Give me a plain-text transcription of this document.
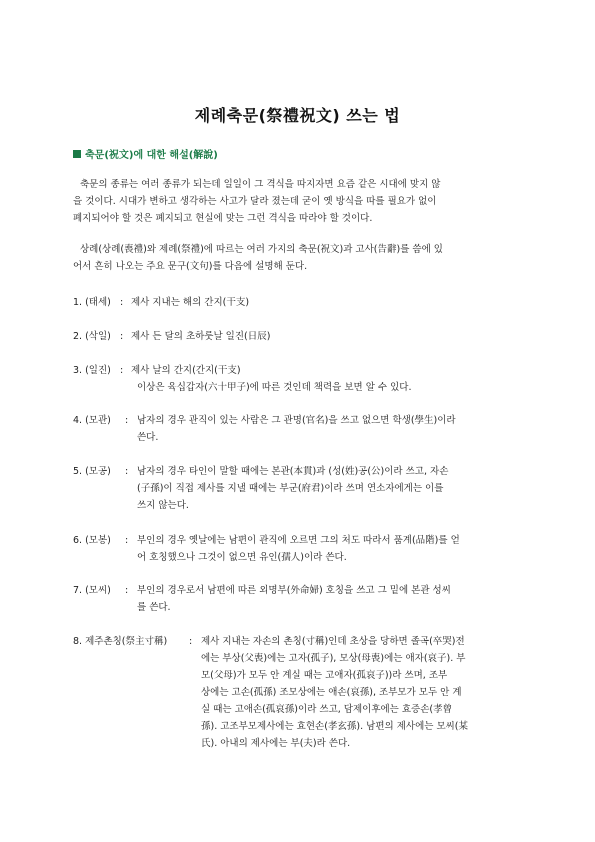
제례축문(祭禮祝文) 쓰는 법
축문(祝文)에 대한 해설(解說)
축문의 종류는 여러 종류가 되는데 일일이 그 격식을 따지자면 요즘 같은 시대에 맞지 않
을 것이다. 시대가 변하고 생각하는 사고가 달라 졌는데 굳이 옛 방식을 따를 필요가 없이
폐지되어야 할 것은 폐지되고 현실에 맞는 그런 격식을 따라야 할 것이다.
상례(상례(喪禮)와 제례(祭禮)에 따르는 여러 가지의 축문(祝文)과 고사(告辭)를 씀에 있
어서 흔히 나오는 주요 문구(文句)를 다음에 설명해 둔다.
1. (태세) : 제사 지내는 해의 간지(干支)
2. (삭일) : 제사 든 달의 초하룻날 일진(日辰)
3. (일진) : 제사 날의 간지(간지(干支)
이상은 육십갑자(六十甲子)에 따른 것인데 책력을 보면 알 수 있다.
4. (모관) : 남자의 경우 관직이 있는 사람은 그 관명(官名)을 쓰고 없으면 학생(學生)이라
쓴다.
5. (모공) : 남자의 경우 타인이 말할 때에는 본관(本貫)과 (성(姓)공(公)이라 쓰고, 자손
(子孫)이 직접 제사를 지낼 때에는 부군(府君)이라 쓰며 연소자에게는 이를
쓰지 않는다.
6. (모봉) : 부인의 경우 옛날에는 남편이 관직에 오르면 그의 처도 따라서 품계(品階)를 얻
어 호칭했으나 그것이 없으면 유인(孺人)이라 쓴다.
7. (모씨) : 부인의 경우로서 남편에 따른 외명부(外命婦) 호칭을 쓰고 그 밑에 본관 성씨
를 쓴다.
8. 제주촌칭(祭主寸稱) : 제사 지내는 자손의 촌칭(寸稱)인데 초상을 당하면 졸곡(卒哭)전
에는 부상(父喪)에는 고자(孤子), 모상(母喪)에는 애자(哀子). 부
모(父母)가 모두 안 계실 때는 고애자(孤哀子))라 쓰며, 조부
상에는 고손(孤孫) 조모상에는 애손(哀孫), 조부모가 모두 안 계
실 때는 고애손(孤哀孫)이라 쓰고, 담제이후에는 효증손(孝曾
孫). 고조부모제사에는 효현손(孝玄孫). 남편의 제사에는 모씨(某
氏). 아내의 제사에는 부(夫)라 쓴다.
